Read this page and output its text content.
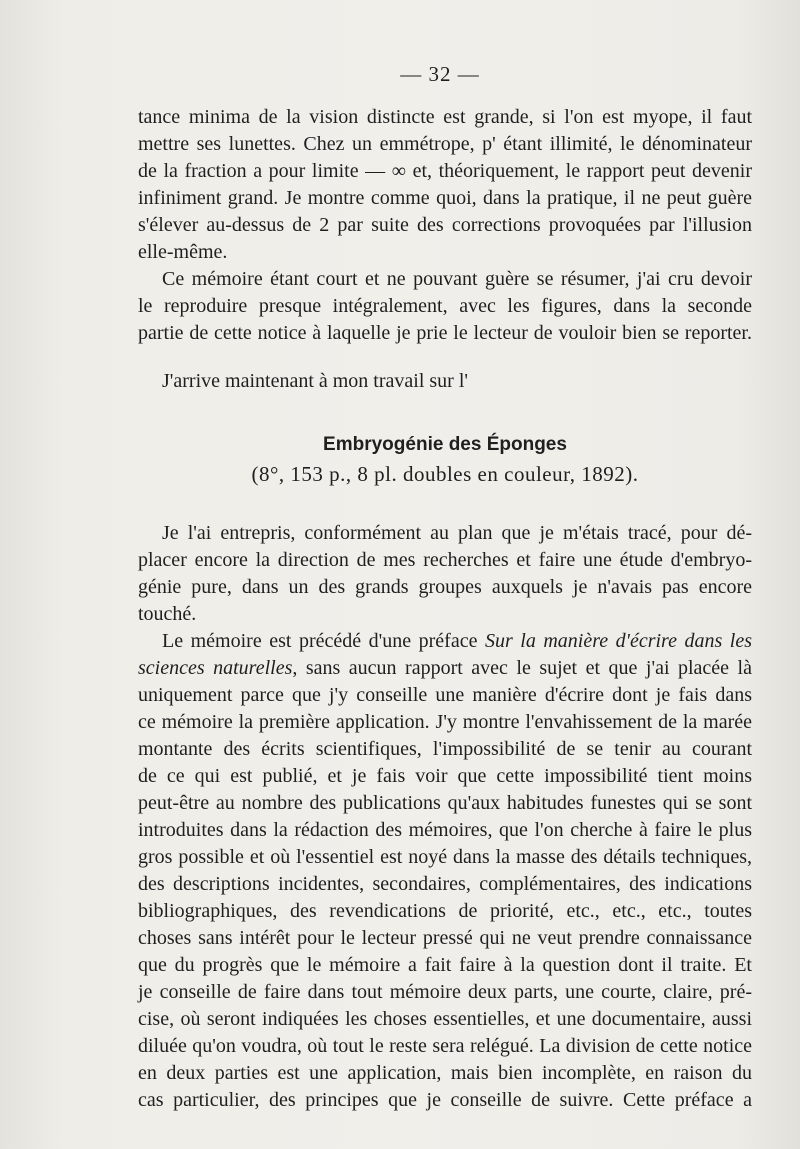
— 32 —
tance minima de la vision distincte est grande, si l'on est myope, il faut
mettre ses lunettes. Chez un emmétrope, p' étant illimité, le dénominateur
de la fraction a pour limite — ∞ et, théoriquement, le rapport peut devenir
infiniment grand. Je montre comme quoi, dans la pratique, il ne peut guère
s'élever au-dessus de 2 par suite des corrections provoquées par l'illusion
elle-même.
Ce mémoire étant court et ne pouvant guère se résumer, j'ai cru devoir
le reproduire presque intégralement, avec les figures, dans la seconde
partie de cette notice à laquelle je prie le lecteur de vouloir bien se reporter.
J'arrive maintenant à mon travail sur l'
Embryogénie des Éponges
(8°, 153 p., 8 pl. doubles en couleur, 1892).
Je l'ai entrepris, conformément au plan que je m'étais tracé, pour dé-
placer encore la direction de mes recherches et faire une étude d'embryo-
génie pure, dans un des grands groupes auxquels je n'avais pas encore
touché.
Le mémoire est précédé d'une préface Sur la manière d'écrire dans les
sciences naturelles, sans aucun rapport avec le sujet et que j'ai placée là
uniquement parce que j'y conseille une manière d'écrire dont je fais dans
ce mémoire la première application. J'y montre l'envahissement de la marée
montante des écrits scientifiques, l'impossibilité de se tenir au courant
de ce qui est publié, et je fais voir que cette impossibilité tient moins
peut-être au nombre des publications qu'aux habitudes funestes qui se sont
introduites dans la rédaction des mémoires, que l'on cherche à faire le plus
gros possible et où l'essentiel est noyé dans la masse des détails techniques,
des descriptions incidentes, secondaires, complémentaires, des indications
bibliographiques, des revendications de priorité, etc., etc., etc., toutes
choses sans intérêt pour le lecteur pressé qui ne veut prendre connaissance
que du progrès que le mémoire a fait faire à la question dont il traite. Et
je conseille de faire dans tout mémoire deux parts, une courte, claire, pré-
cise, où seront indiquées les choses essentielles, et une documentaire, aussi
diluée qu'on voudra, où tout le reste sera relégué. La division de cette notice
en deux parties est une application, mais bien incomplète, en raison du
cas particulier, des principes que je conseille de suivre. Cette préface a
